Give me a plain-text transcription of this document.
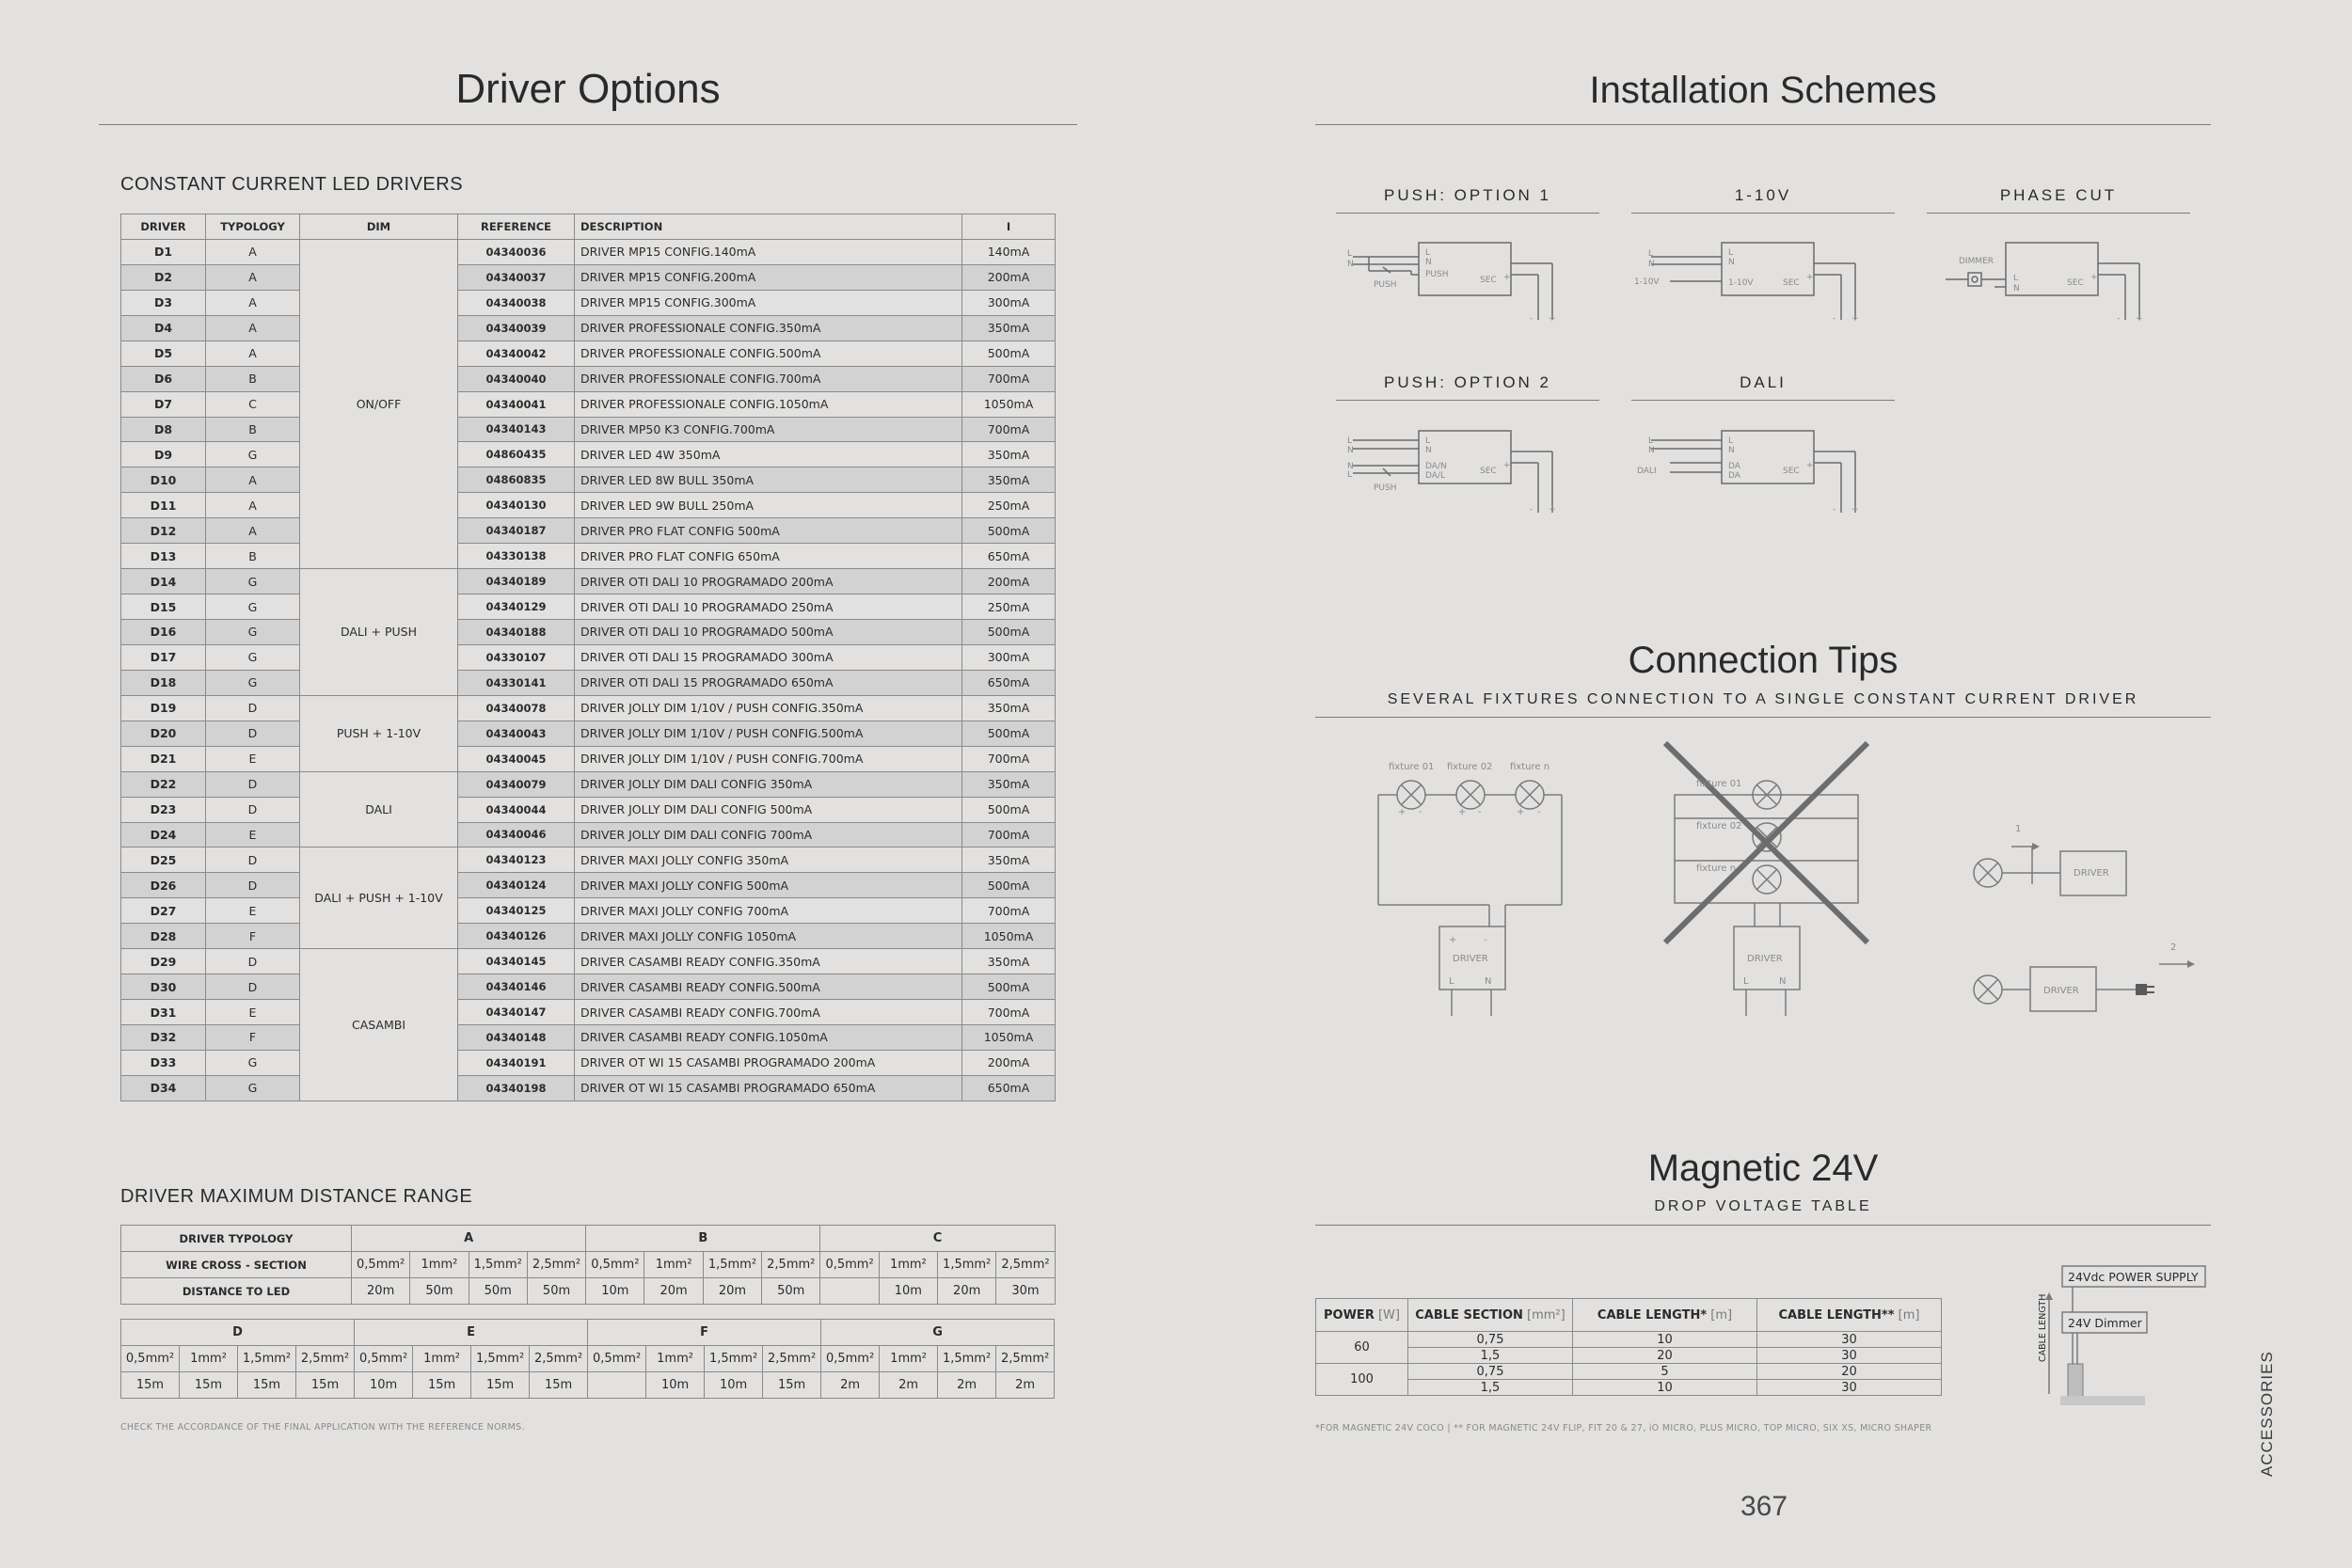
Driver Options
CONSTANT CURRENT LED DRIVERS
DRIVER	TYPOLOGY	DIM	REFERENCE	DESCRIPTION	I
D1	A	ON/OFF	04340036	DRIVER MP15 CONFIG.140mA	140mA
D2	A		04340037	DRIVER MP15 CONFIG.200mA	200mA
D3	A		04340038	DRIVER MP15 CONFIG.300mA	300mA
D4	A		04340039	DRIVER PROFESSIONALE CONFIG.350mA	350mA
D5	A		04340042	DRIVER PROFESSIONALE CONFIG.500mA	500mA
D6	B		04340040	DRIVER PROFESSIONALE CONFIG.700mA	700mA
D7	C		04340041	DRIVER PROFESSIONALE CONFIG.1050mA	1050mA
D8	B		04340143	DRIVER MP50 K3 CONFIG.700mA	700mA
D9	G		04860435	DRIVER LED 4W 350mA	350mA
D10	A		04860835	DRIVER LED 8W BULL 350mA	350mA
D11	A		04340130	DRIVER LED 9W BULL 250mA	250mA
D12	A		04340187	DRIVER PRO FLAT CONFIG 500mA	500mA
D13	B		04330138	DRIVER PRO FLAT CONFIG 650mA	650mA
D14	G	DALI + PUSH	04340189	DRIVER OTI DALI 10 PROGRAMADO 200mA	200mA
D15	G		04340129	DRIVER OTI DALI 10 PROGRAMADO 250mA	250mA
D16	G		04340188	DRIVER OTI DALI 10 PROGRAMADO 500mA	500mA
D17	G		04330107	DRIVER OTI DALI 15 PROGRAMADO 300mA	300mA
D18	G		04330141	DRIVER OTI DALI 15 PROGRAMADO 650mA	650mA
D19	D	PUSH + 1-10V	04340078	DRIVER JOLLY DIM 1/10V / PUSH CONFIG.350mA	350mA
D20	D		04340043	DRIVER JOLLY DIM 1/10V / PUSH CONFIG.500mA	500mA
D21	E		04340045	DRIVER JOLLY DIM 1/10V / PUSH CONFIG.700mA	700mA
D22	D	DALI	04340079	DRIVER JOLLY DIM DALI CONFIG 350mA	350mA
D23	D		04340044	DRIVER JOLLY DIM DALI CONFIG 500mA	500mA
D24	E		04340046	DRIVER JOLLY DIM DALI CONFIG 700mA	700mA
D25	D	DALI + PUSH + 1-10V	04340123	DRIVER MAXI JOLLY CONFIG 350mA	350mA
D26	D		04340124	DRIVER MAXI JOLLY CONFIG 500mA	500mA
D27	E		04340125	DRIVER MAXI JOLLY CONFIG 700mA	700mA
D28	F		04340126	DRIVER MAXI JOLLY CONFIG 1050mA	1050mA
D29	D	CASAMBI	04340145	DRIVER CASAMBI READY CONFIG.350mA	350mA
D30	D		04340146	DRIVER CASAMBI READY CONFIG.500mA	500mA
D31	E		04340147	DRIVER CASAMBI READY CONFIG.700mA	700mA
D32	F		04340148	DRIVER CASAMBI READY CONFIG.1050mA	1050mA
D33	G		04340191	DRIVER OT WI 15 CASAMBI PROGRAMADO 200mA	200mA
D34	G		04340198	DRIVER OT WI 15 CASAMBI PROGRAMADO 650mA	650mA
DRIVER MAXIMUM DISTANCE RANGE
DRIVER TYPOLOGY	A				B				C			
WIRE CROSS - SECTION	0,5mm²	1mm²	1,5mm²	2,5mm²	0,5mm²	1mm²	1,5mm²	2,5mm²	0,5mm²	1mm²	1,5mm²	2,5mm²
DISTANCE TO LED	20m	50m	50m	50m	10m	20m	20m	50m		10m	20m	30m
D				E				F				G			
0,5mm²	1mm²	1,5mm²	2,5mm²	0,5mm²	1mm²	1,5mm²	2,5mm²	0,5mm²	1mm²	1,5mm²	2,5mm²	0,5mm²	1mm²	1,5mm²	2,5mm²
15m	15m	15m	15m	10m	15m	15m	15m		10m	10m	15m	2m	2m	2m	2m
CHECK THE ACCORDANCE OF THE FINAL APPLICATION WITH THE REFERENCE NORMS.
Installation Schemes
PUSH: OPTION 1	1-10V	PHASE CUT
PUSH: OPTION 2	DALI
L
N
L
N
PUSH
PUSH	SEC +
- +
L
N
1-10V
L
N
1-10V	SEC
+
- +
DIMMER
L
N
SEC
+
- +
L
N
N
L
L
N
DA/N
DA/L
PUSH
SEC
+
- +
L
N
DALI
L
N
DA
DA	SEC
+
- +
Connection Tips
SEVERAL FIXTURES CONNECTION TO A SINGLE CONSTANT CURRENT DRIVER
fixture 01 fixture 02 fixture n
+ -	+ -	+ -
+	-
DRIVER
L	N
fixture 01
fixture 02
fixture n
DRIVER
L	N
DRIVER
DRIVER
1
2
Magnetic 24V
DROP VOLTAGE TABLE
POWER [W]	CABLE SECTION [mm²]	CABLE LENGTH* [m]	CABLE LENGTH** [m]
60	0,75	10	30
	1,5	20	30
100	0,75	5	20
	1,5	10	30
24Vdc POWER SUPPLY
24V Dimmer
CABLE LENGTH
*FOR MAGNETIC 24V COCO | ** FOR MAGNETIC 24V FLIP, FIT 20 & 27, iO MICRO, PLUS MICRO, TOP MICRO, SIX XS, MICRO SHAPER
367
ACCESSORIES
